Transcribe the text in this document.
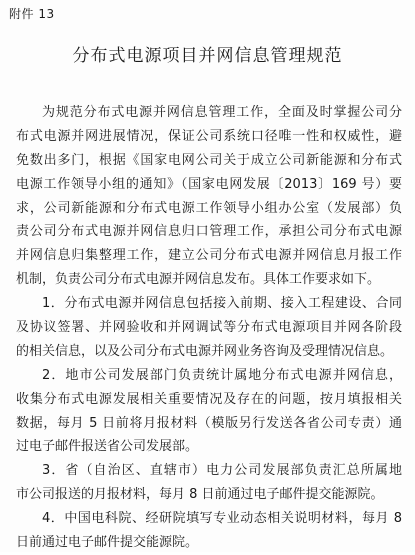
附件 13
分布式电源项目并网信息管理规范
为规范分布式电源并网信息管理工作，全面及时掌握公司分
布式电源并网进展情况，保证公司系统口径唯一性和权威性，避
免数出多门，根据《国家电网公司关于成立公司新能源和分布式
电源工作领导小组的通知》（国家电网发展〔2013〕169 号）要
求，公司新能源和分布式电源工作领导小组办公室（发展部）负
责公司分布式电源并网信息归口管理工作，承担公司分布式电源
并网信息归集整理工作，建立公司分布式电源并网信息月报工作
机制，负责公司分布式电源并网信息发布。具体工作要求如下。
1．分布式电源并网信息包括接入前期、接入工程建设、合同
及协议签署、并网验收和并网调试等分布式电源项目并网各阶段
的相关信息，以及公司分布式电源并网业务咨询及受理情况信息。
2．地市公司发展部门负责统计属地分布式电源并网信息，
收集分布式电源发展相关重要情况及存在的问题，按月填报相关
数据，每月 5 日前将月报材料（模版另行发送各省公司专责）通
过电子邮件报送省公司发展部。
3．省（自治区、直辖市）电力公司发展部负责汇总所属地
市公司报送的月报材料，每月 8 日前通过电子邮件提交能源院。
4．中国电科院、经研院填写专业动态相关说明材料，每月 8
日前通过电子邮件提交能源院。
